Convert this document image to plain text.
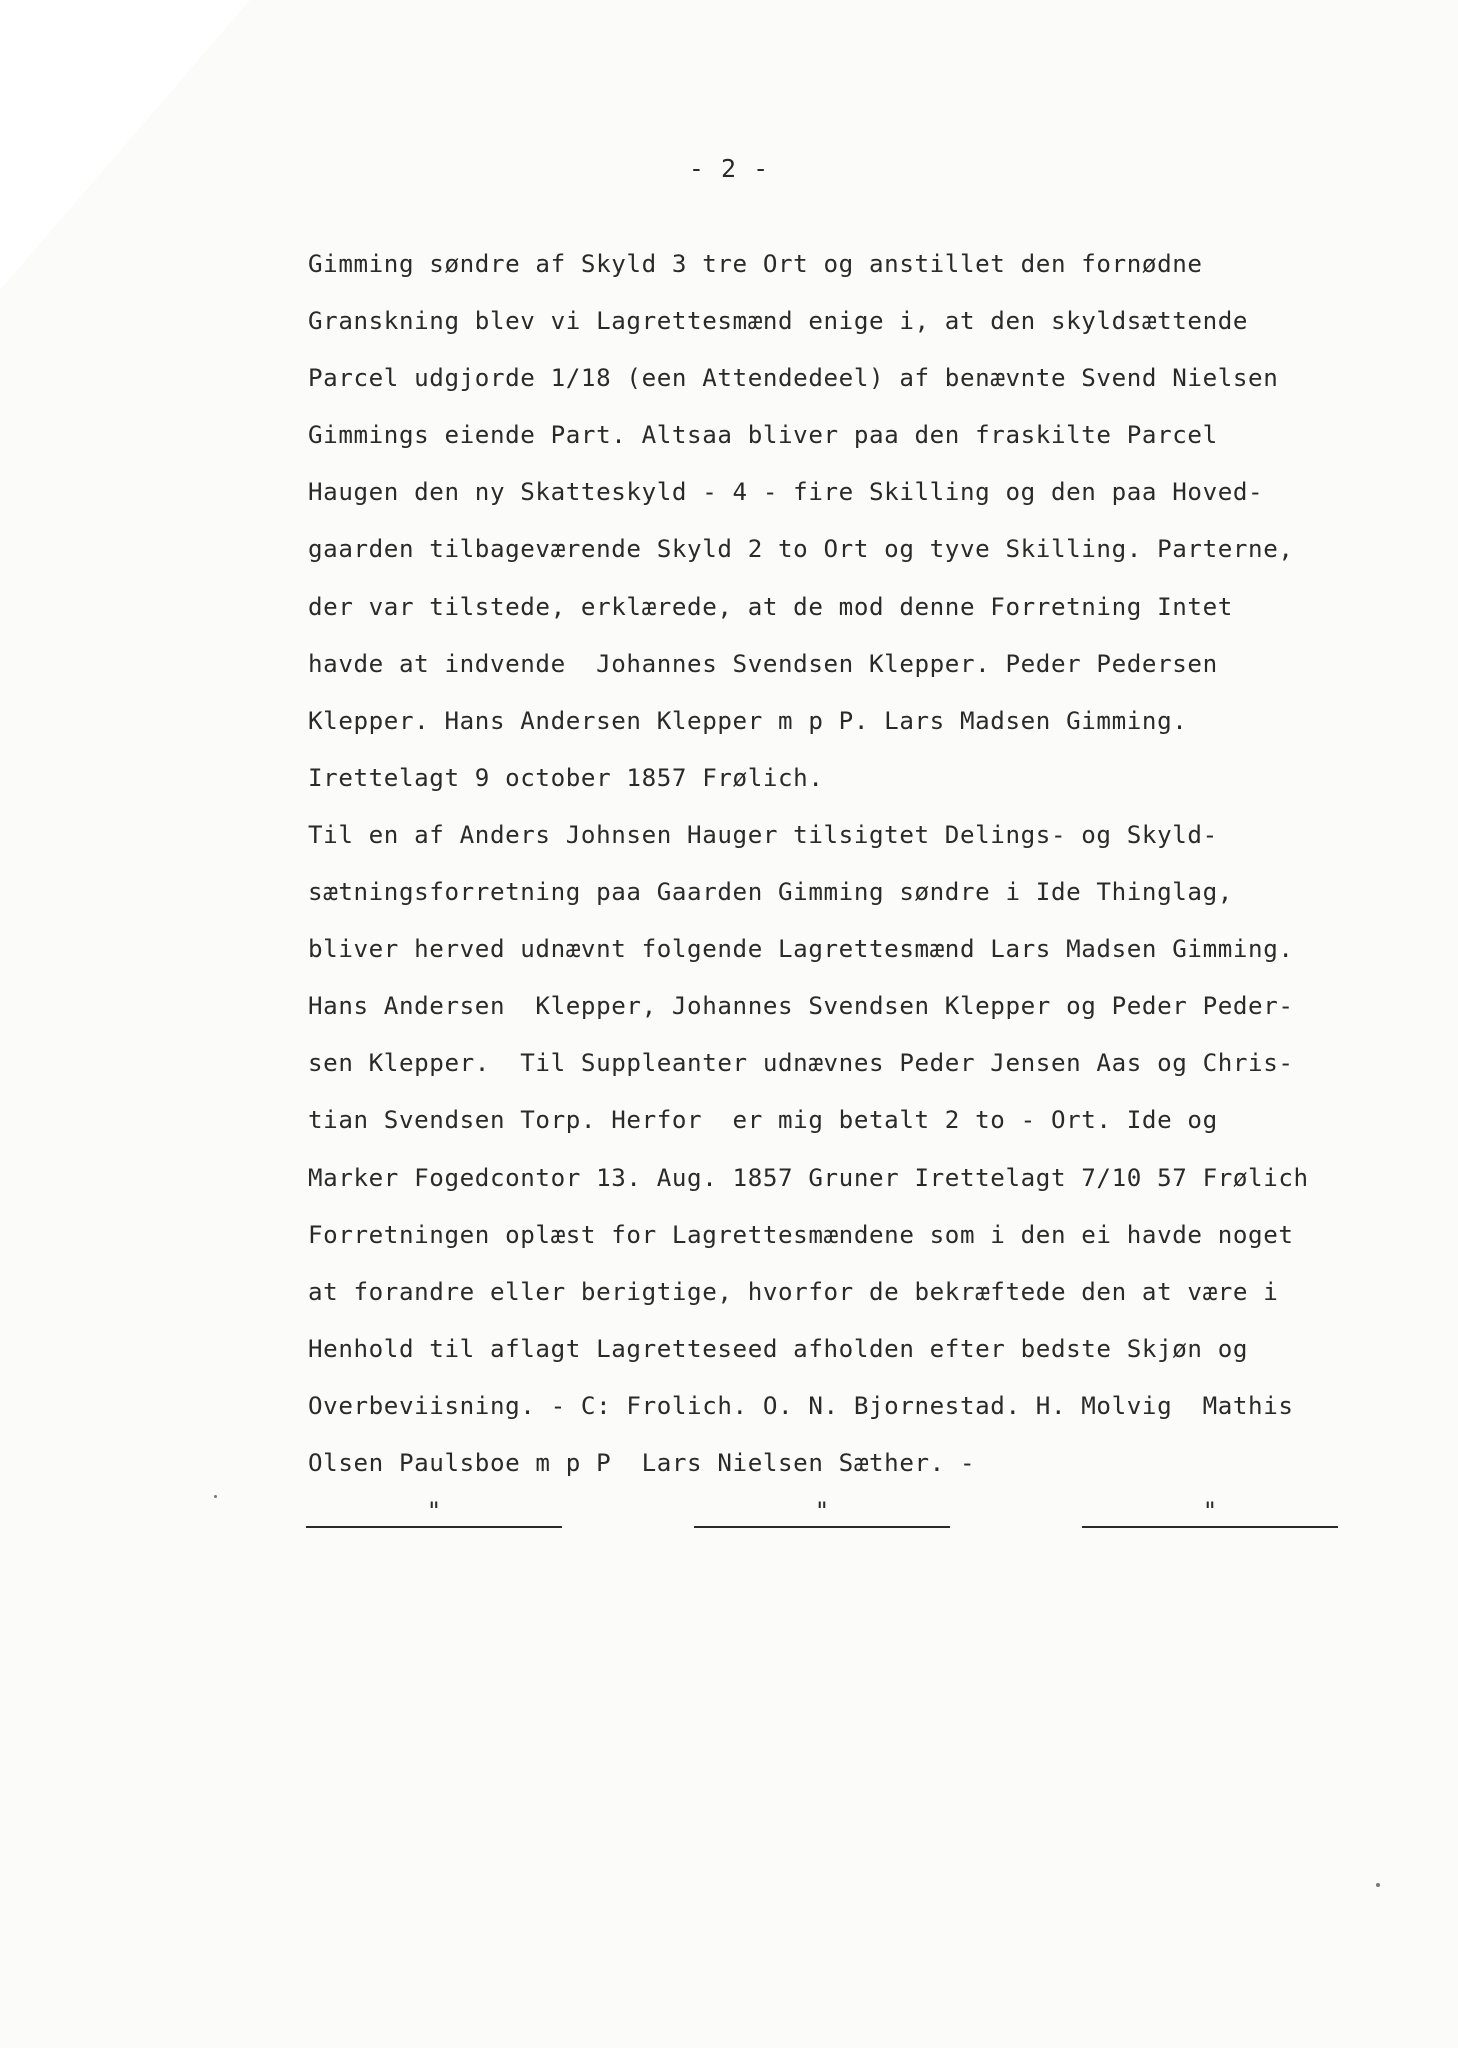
- 2 -
Gimming søndre af Skyld 3 tre Ort og anstillet den fornødne
Granskning blev vi Lagrettesmænd enige i, at den skyldsættende
Parcel udgjorde 1/18 (een Attendedeel) af benævnte Svend Nielsen
Gimmings eiende Part. Altsaa bliver paa den fraskilte Parcel
Haugen den ny Skatteskyld - 4 - fire Skilling og den paa Hoved-
gaarden tilbageværende Skyld 2 to Ort og tyve Skilling. Parterne,
der var tilstede, erklærede, at de mod denne Forretning Intet
havde at indvende  Johannes Svendsen Klepper. Peder Pedersen
Klepper. Hans Andersen Klepper m p P. Lars Madsen Gimming.
Irettelagt 9 october 1857 Frølich.
Til en af Anders Johnsen Hauger tilsigtet Delings- og Skyld-
sætningsforretning paa Gaarden Gimming søndre i Ide Thinglag,
bliver herved udnævnt folgende Lagrettesmænd Lars Madsen Gimming.
Hans Andersen  Klepper, Johannes Svendsen Klepper og Peder Peder-
sen Klepper.  Til Suppleanter udnævnes Peder Jensen Aas og Chris-
tian Svendsen Torp. Herfor  er mig betalt 2 to - Ort. Ide og
Marker Fogedcontor 13. Aug. 1857 Gruner Irettelagt 7/10 57 Frølich
Forretningen oplæst for Lagrettesmændene som i den ei havde noget
at forandre eller berigtige, hvorfor de bekræftede den at være i
Henhold til aflagt Lagretteseed afholden efter bedste Skjøn og
Overbeviisning. - C: Frolich. O. N. Bjornestad. H. Molvig  Mathis
Olsen Paulsboe m p P  Lars Nielsen Sæther. -
"	"	"
